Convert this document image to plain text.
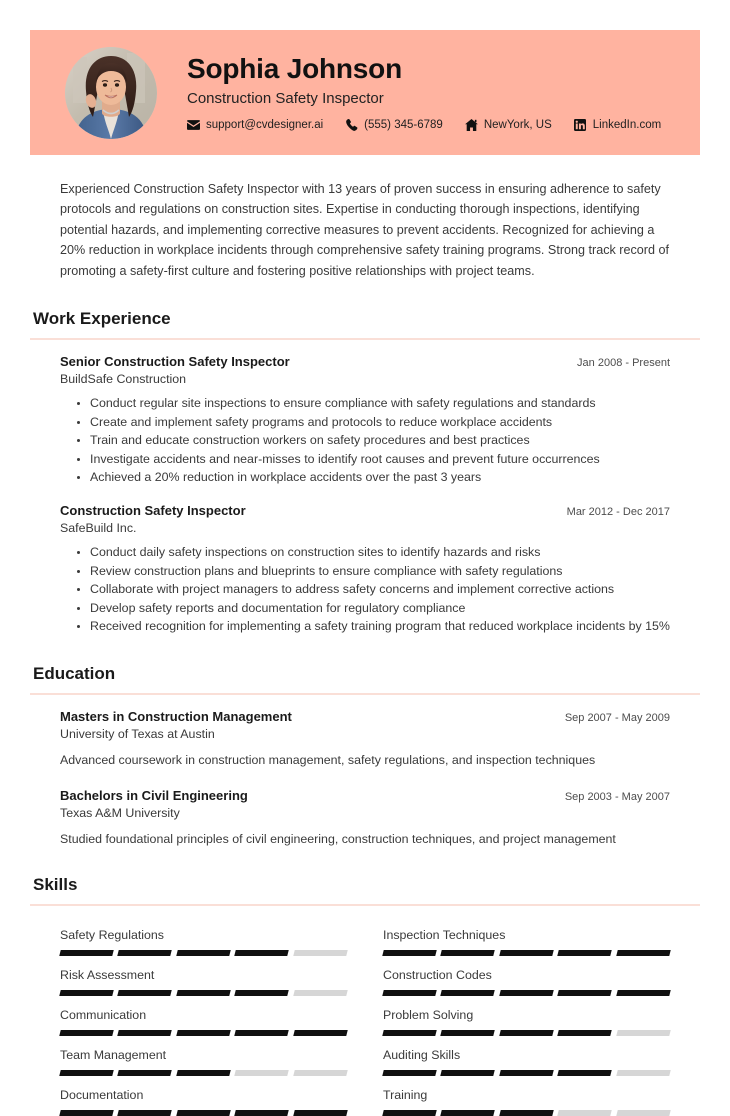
Sophia Johnson
Construction Safety Inspector
support@cvdesigner.ai	(555) 345-6789	NewYork, US	LinkedIn.com
Experienced Construction Safety Inspector with 13 years of proven success in ensuring adherence to safety protocols and regulations on construction sites. Expertise in conducting thorough inspections, identifying potential hazards, and implementing corrective measures to prevent accidents. Recognized for achieving a 20% reduction in workplace incidents through comprehensive safety training programs. Strong track record of promoting a safety-first culture and fostering positive relationships with project teams.
Work Experience
Senior Construction Safety Inspector	Jan 2008 - Present
BuildSafe Construction
Conduct regular site inspections to ensure compliance with safety regulations and standards
Create and implement safety programs and protocols to reduce workplace accidents
Train and educate construction workers on safety procedures and best practices
Investigate accidents and near-misses to identify root causes and prevent future occurrences
Achieved a 20% reduction in workplace accidents over the past 3 years
Construction Safety Inspector	Mar 2012 - Dec 2017
SafeBuild Inc.
Conduct daily safety inspections on construction sites to identify hazards and risks
Review construction plans and blueprints to ensure compliance with safety regulations
Collaborate with project managers to address safety concerns and implement corrective actions
Develop safety reports and documentation for regulatory compliance
Received recognition for implementing a safety training program that reduced workplace incidents by 15%
Education
Masters in Construction Management	Sep 2007 - May 2009
University of Texas at Austin
Advanced coursework in construction management, safety regulations, and inspection techniques
Bachelors in Civil Engineering	Sep 2003 - May 2007
Texas A&M University
Studied foundational principles of civil engineering, construction techniques, and project management
Skills
Safety Regulations	Inspection Techniques
Risk Assessment	Construction Codes
Communication	Problem Solving
Team Management	Auditing Skills
Documentation	Training
